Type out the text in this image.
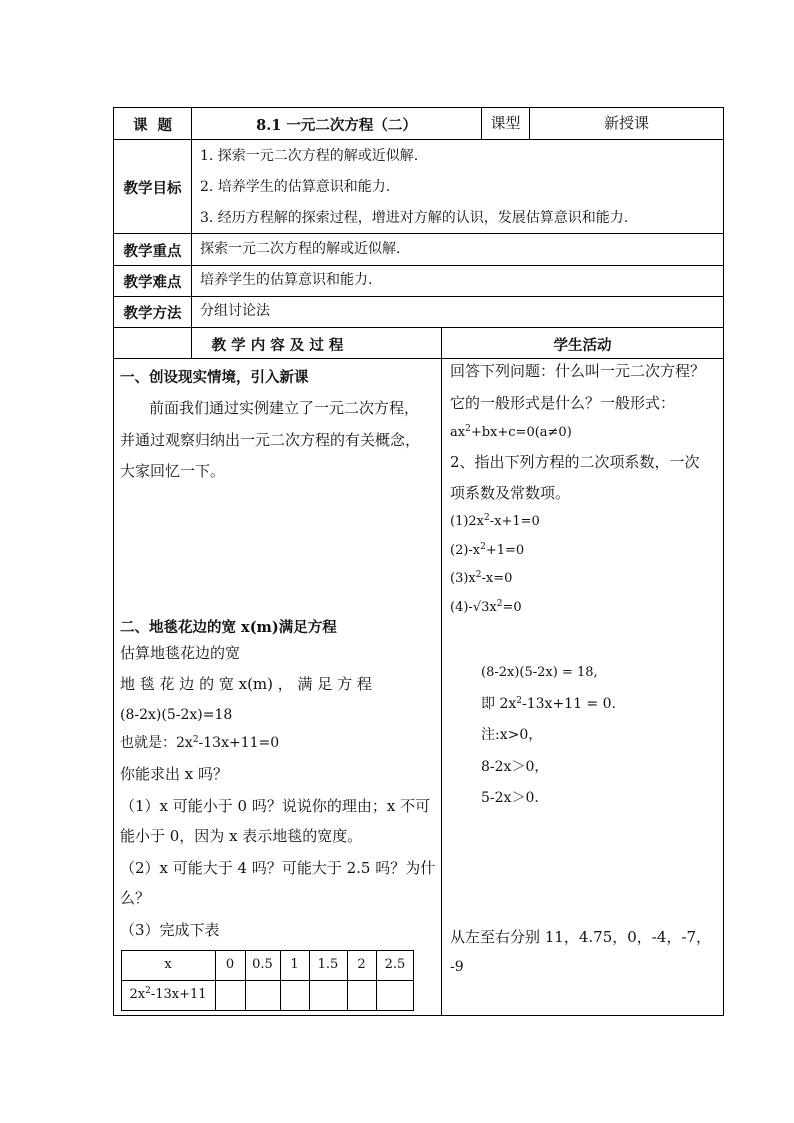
课  题	8.1 一元二次方程（二）	课型	新授课
教学目标
1. 探索一元二次方程的解或近似解.
2. 培养学生的估算意识和能力.
3. 经历方程解的探索过程，增进对方解的认识，发展估算意识和能力.
教学重点	探索一元二次方程的解或近似解.
教学难点	培养学生的估算意识和能力.
教学方法	分组讨论法
教 学 内 容 及 过 程	学生活动
一、创设现实情境，引入新课
前面我们通过实例建立了一元二次方程，
并通过观察归纳出一元二次方程的有关概念，
大家回忆一下。
二、地毯花边的宽 x(m)满足方程
估算地毯花边的宽
地 毯 花 边 的 宽 x(m) ， 满 足 方 程
(8-2x)(5-2x)=18
也就是：$2x^2-13x+11=0$
你能求出 x 吗？
（1）x 可能小于 0 吗？说说你的理由；x 不可
能小于 0，因为 x 表示地毯的宽度。
（2）x 可能大于 4 吗？可能大于 2.5 吗？为什
么？
（3）完成下表
x	0	0.5	1	1.5	2	2.5
$2x^2-13x+11$
回答下列问题：什么叫一元二次方程？
它的一般形式是什么？一般形式：
$ax^2+bx+c=0(a\ne 0)$
2、指出下列方程的二次项系数，一次
项系数及常数项。
$(1)2x^2-x+1=0$
$(2)-x^2+1=0$
$(3)x^2-x=0$
$(4)-√3x^2=0$
(8-2x)(5-2x) = 18,
即 $2x^2-13x+11 = 0$.
注:x>0，
8-2x＞0，
5-2x＞0.
从左至右分别 11，4.75，0，-4，-7，
-9
